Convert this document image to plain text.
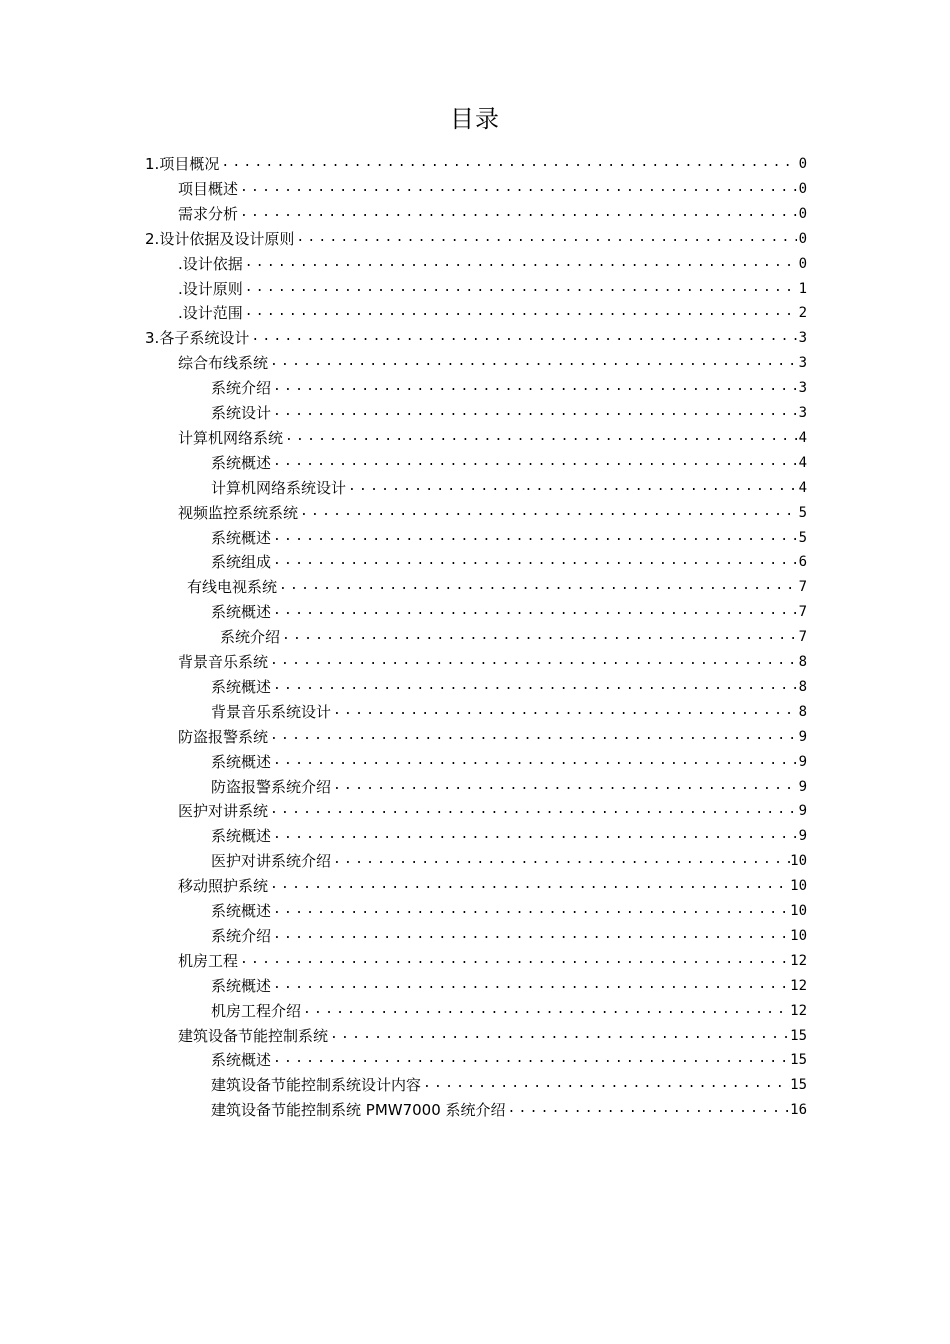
目录
1. 项目概况 .....	0
项目概述 .....	0
需求分析 .....	0
2. 设计依据及设计原则 .....	0
.设计依据 .....	0
.设计原则 .....	1
.设计范围 .....	2
3. 各子系统设计 .....	3
综合布线系统 .....	3
系统介绍 .....	3
系统设计 .....	3
计算机网络系统 .....	4
系统概述 .....	4
计算机网络系统设计 .....	4
视频监控系统系统 .....	5
系统概述 .....	5
系统组成 .....	6
有线电视系统 .....	7
系统概述 .....	7
系统介绍 .....	7
背景音乐系统 .....	8
系统概述 .....	8
背景音乐系统设计 .....	8
防盗报警系统 .....	9
系统概述 .....	9
防盗报警系统介绍 .....	9
医护对讲系统 .....	9
系统概述 .....	9
医护对讲系统介绍 .....	10
移动照护系统 .....	10
系统概述 .....	10
系统介绍 .....	10
机房工程 .....	12
系统概述 .....	12
机房工程介绍 .....	12
建筑设备节能控制系统 .....	15
系统概述 .....	15
建筑设备节能控制系统设计内容 .....	15
建筑设备节能控制系统 PMW7000 系统介绍 .....	16
